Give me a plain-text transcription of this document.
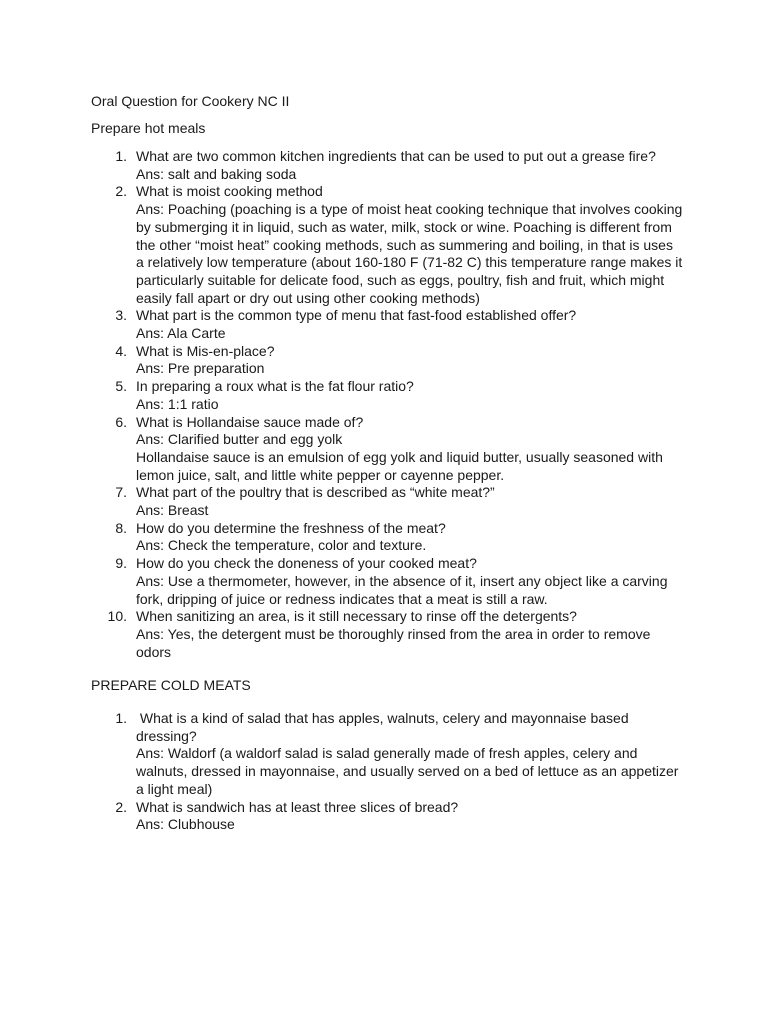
Oral Question for Cookery NC II
Prepare hot meals
1. What are two common kitchen ingredients that can be used to put out a grease fire?
Ans: salt and baking soda
2. What is moist cooking method
Ans: Poaching (poaching is a type of moist heat cooking technique that involves cooking
by submerging it in liquid, such as water, milk, stock or wine. Poaching is different from
the other “moist heat” cooking methods, such as summering and boiling, in that is uses
a relatively low temperature (about 160-180 F (71-82 C) this temperature range makes it
particularly suitable for delicate food, such as eggs, poultry, fish and fruit, which might
easily fall apart or dry out using other cooking methods)
3. What part is the common type of menu that fast-food established offer?
Ans: Ala Carte
4. What is Mis-en-place?
Ans: Pre preparation
5. In preparing a roux what is the fat flour ratio?
Ans: 1:1 ratio
6. What is Hollandaise sauce made of?
Ans: Clarified butter and egg yolk
Hollandaise sauce is an emulsion of egg yolk and liquid butter, usually seasoned with
lemon juice, salt, and little white pepper or cayenne pepper.
7. What part of the poultry that is described as “white meat?”
Ans: Breast
8. How do you determine the freshness of the meat?
Ans: Check the temperature, color and texture.
9. How do you check the doneness of your cooked meat?
Ans: Use a thermometer, however, in the absence of it, insert any object like a carving
fork, dripping of juice or redness indicates that a meat is still a raw.
10. When sanitizing an area, is it still necessary to rinse off the detergents?
Ans: Yes, the detergent must be thoroughly rinsed from the area in order to remove
odors
PREPARE COLD MEATS
1. What is a kind of salad that has apples, walnuts, celery and mayonnaise based
dressing?
Ans: Waldorf (a waldorf salad is salad generally made of fresh apples, celery and
walnuts, dressed in mayonnaise, and usually served on a bed of lettuce as an appetizer
a light meal)
2. What is sandwich has at least three slices of bread?
Ans: Clubhouse
